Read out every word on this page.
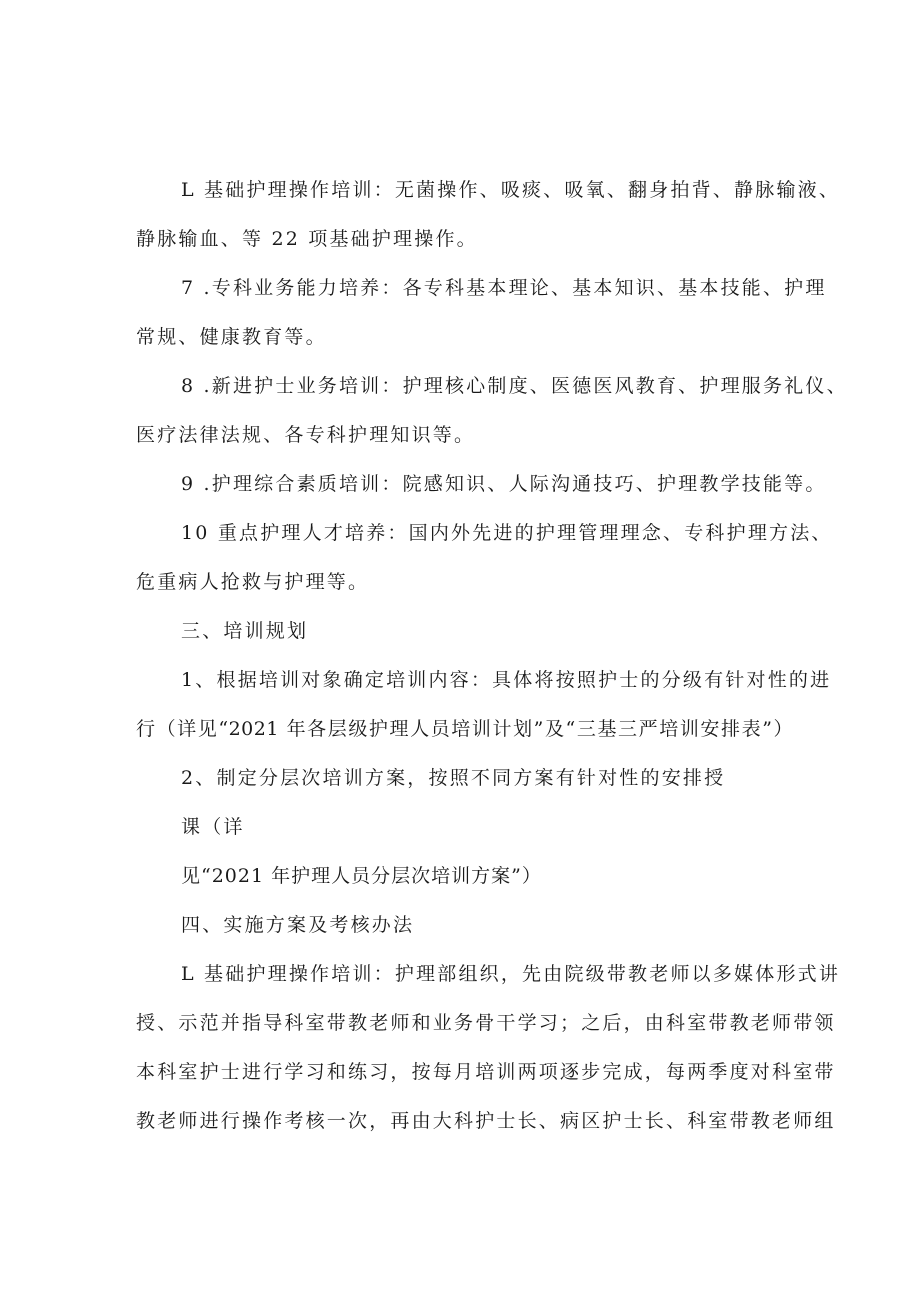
L 基础护理操作培训：无菌操作、吸痰、吸氧、翻身拍背、静脉输液、
静脉输血、等 22 项基础护理操作。
7 .专科业务能力培养：各专科基本理论、基本知识、基本技能、护理
常规、健康教育等。
8 .新进护士业务培训：护理核心制度、医德医风教育、护理服务礼仪、
医疗法律法规、各专科护理知识等。
9 .护理综合素质培训：院感知识、人际沟通技巧、护理教学技能等。
10 重点护理人才培养：国内外先进的护理管理理念、专科护理方法、
危重病人抢救与护理等。
三、培训规划
1、根据培训对象确定培训内容：具体将按照护士的分级有针对性的进
行（详见“2021 年各层级护理人员培训计划”及“三基三严培训安排表”）
2、制定分层次培训方案，按照不同方案有针对性的安排授
课（详
见“2021 年护理人员分层次培训方案”）
四、实施方案及考核办法
L 基础护理操作培训：护理部组织，先由院级带教老师以多媒体形式讲
授、示范并指导科室带教老师和业务骨干学习；之后，由科室带教老师带领
本科室护士进行学习和练习，按每月培训两项逐步完成，每两季度对科室带
教老师进行操作考核一次，再由大科护士长、病区护士长、科室带教老师组
